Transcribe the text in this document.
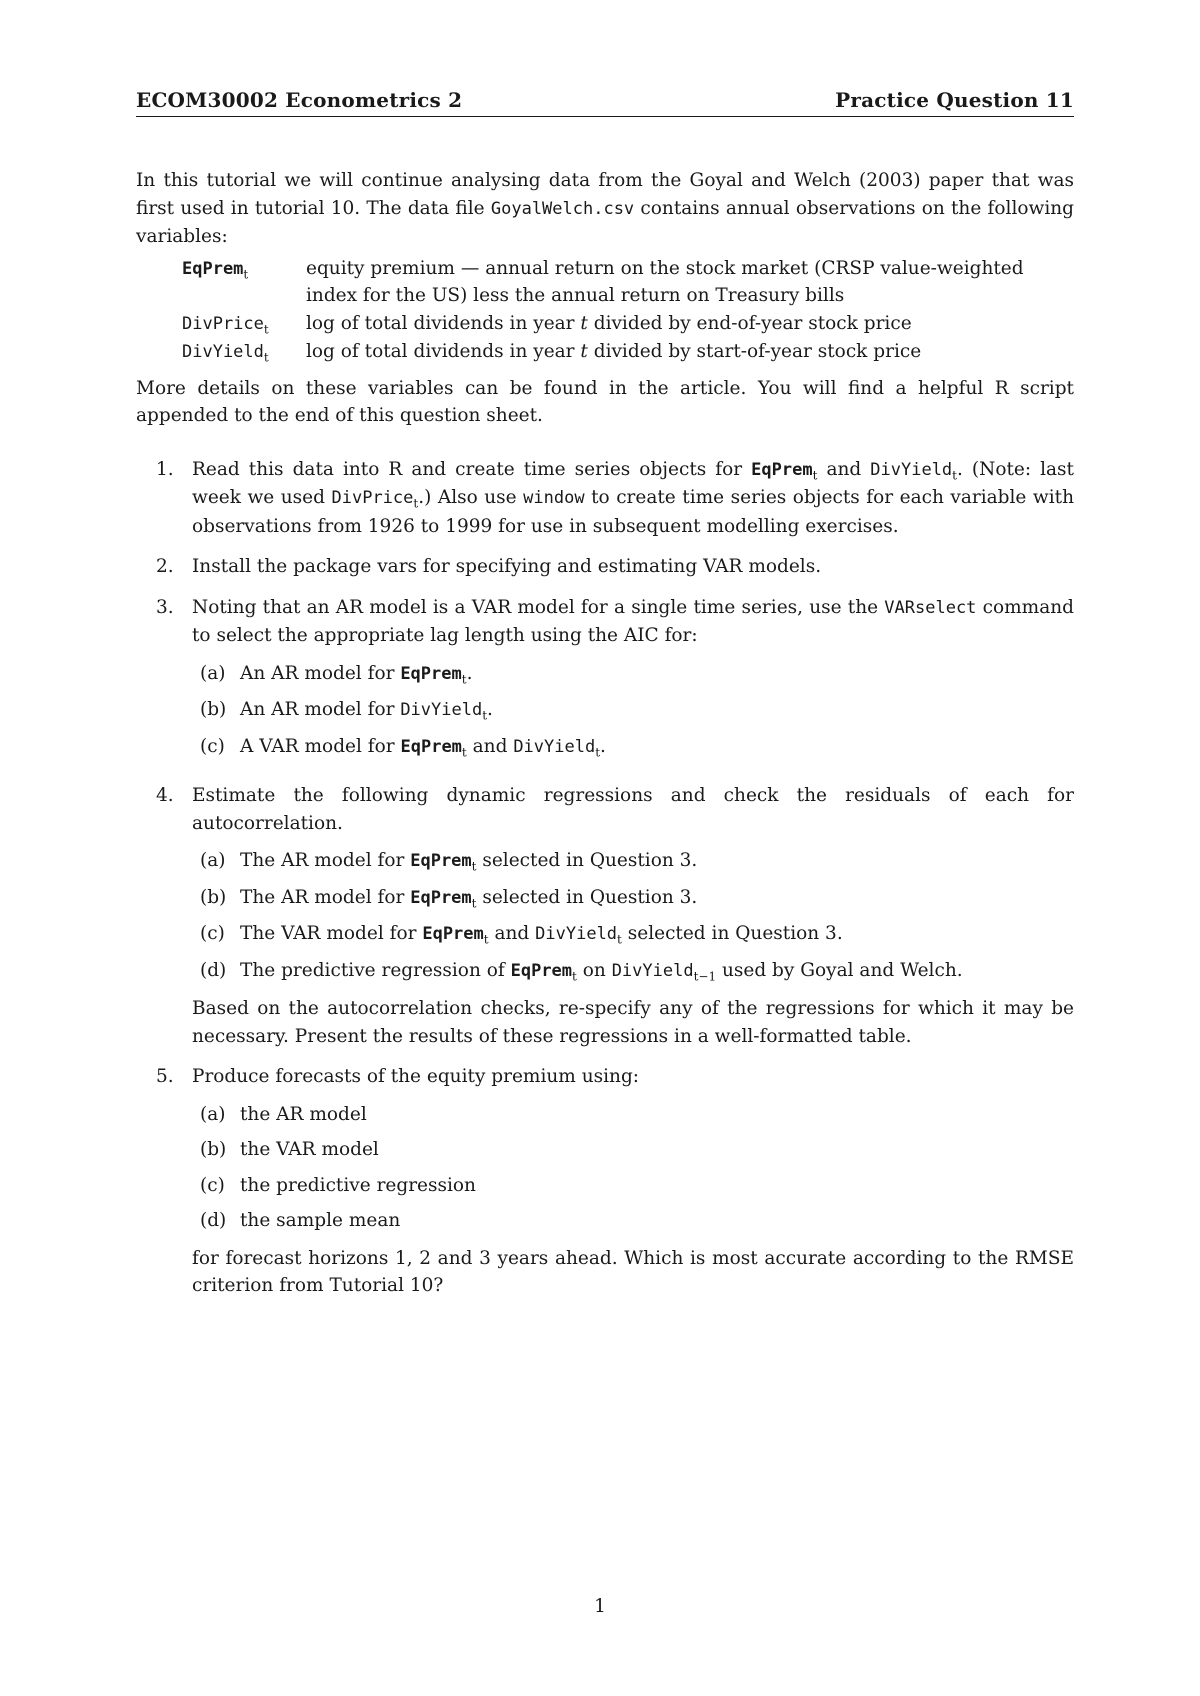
ECOM30002 Econometrics 2	Practice Question 11
In this tutorial we will continue analysing data from the Goyal and Welch (2003) paper that was first used in tutorial 10. The data file GoyalWelch.csv contains annual observations on the following variables:
EqPrem$_t$	equity premium — annual return on the stock market (CRSP value-weighted index for the US) less the annual return on Treasury bills
DivPrice$_t$	log of total dividends in year t divided by end-of-year stock price
DivYield$_t$	log of total dividends in year t divided by start-of-year stock price
More details on these variables can be found in the article. You will find a helpful R script appended to the end of this question sheet.
1. Read this data into R and create time series objects for EqPrem$_t$ and DivYield$_t$. (Note: last week we used DivPrice$_t$.) Also use window to create time series objects for each variable with observations from 1926 to 1999 for use in subsequent modelling exercises.
2. Install the package vars for specifying and estimating VAR models.
3. Noting that an AR model is a VAR model for a single time series, use the VARselect command to select the appropriate lag length using the AIC for:
(a) An AR model for EqPrem$_t$.
(b) An AR model for DivYield$_t$.
(c) A VAR model for EqPrem$_t$ and DivYield$_t$.
4. Estimate the following dynamic regressions and check the residuals of each for autocorrelation.
(a) The AR model for EqPrem$_t$ selected in Question 3.
(b) The AR model for EqPrem$_t$ selected in Question 3.
(c) The VAR model for EqPrem$_t$ and DivYield$_t$ selected in Question 3.
(d) The predictive regression of EqPrem$_t$ on DivYield$_{t-1}$ used by Goyal and Welch.
Based on the autocorrelation checks, re-specify any of the regressions for which it may be necessary. Present the results of these regressions in a well-formatted table.
5. Produce forecasts of the equity premium using:
(a) the AR model
(b) the VAR model
(c) the predictive regression
(d) the sample mean
for forecast horizons 1, 2 and 3 years ahead. Which is most accurate according to the RMSE criterion from Tutorial 10?
1
